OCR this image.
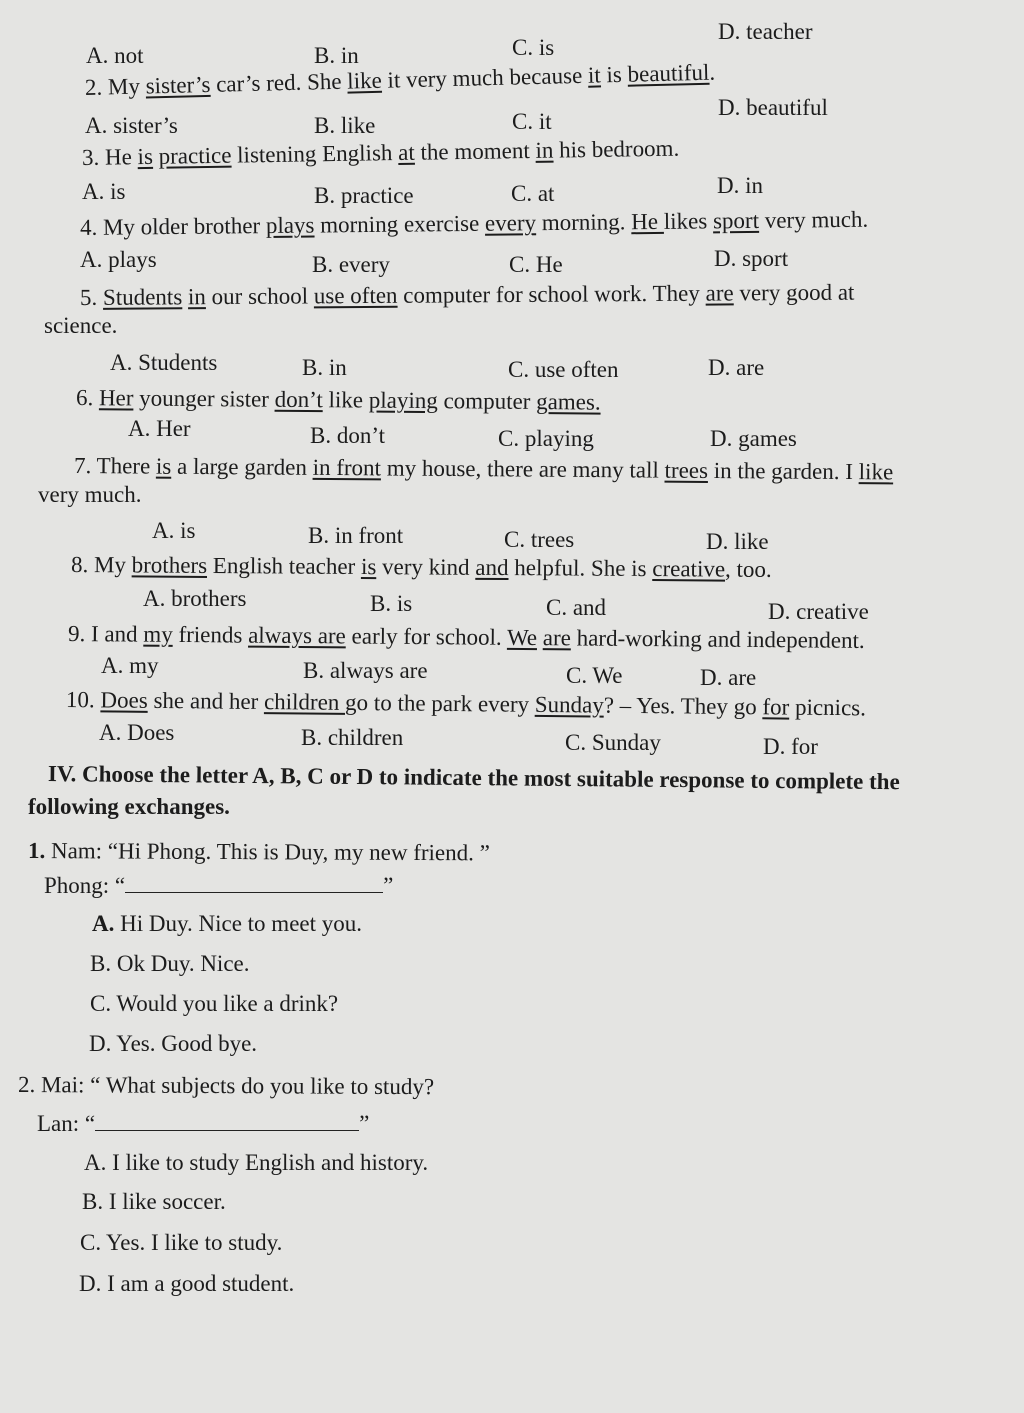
A. not	B. in	C. is
D. teacher
2. My sister’s car’s red. She like it very much because it is beautiful.
A. sister’s	B. like	C. it
D. beautiful
3. He is practice listening English at the moment in his bedroom.
A. is	B. practice	C. at	D. in
4. My older brother plays morning exercise every morning. He likes sport very much.
A. plays	B. every	C. He	D. sport
5. Students in our school use often computer for school work. They are very good at
science.
A. Students	B. in	C. use often	D. are
6. Her younger sister don’t like playing computer games.
A. Her	B. don’t	C. playing	D. games
7. There is a large garden in front my house, there are many tall trees in the garden. I like
very much.
A. is	B. in front	C. trees	D. like
8. My brothers English teacher is very kind and helpful. She is creative, too.
A. brothers	B. is	C. and	D. creative
9. I and my friends always are early for school. We are hard-working and independent.
A. my	B. always are	C. We	D. are
10. Does she and her children go to the park every Sunday? – Yes. They go for picnics.
A. Does	B. children	C. Sunday	D. for
IV. Choose the letter A, B, C or D to indicate the most suitable response to complete the
following exchanges.
1. Nam: “Hi Phong. This is Duy, my new friend. ”
Phong: “	”
A. Hi Duy. Nice to meet you.
B. Ok Duy. Nice.
C. Would you like a drink?
D. Yes. Good bye.
2. Mai: “ What subjects do you like to study?
Lan: “	”
A. I like to study English and history.
B. I like soccer.
C. Yes. I like to study.
D. I am a good student.
